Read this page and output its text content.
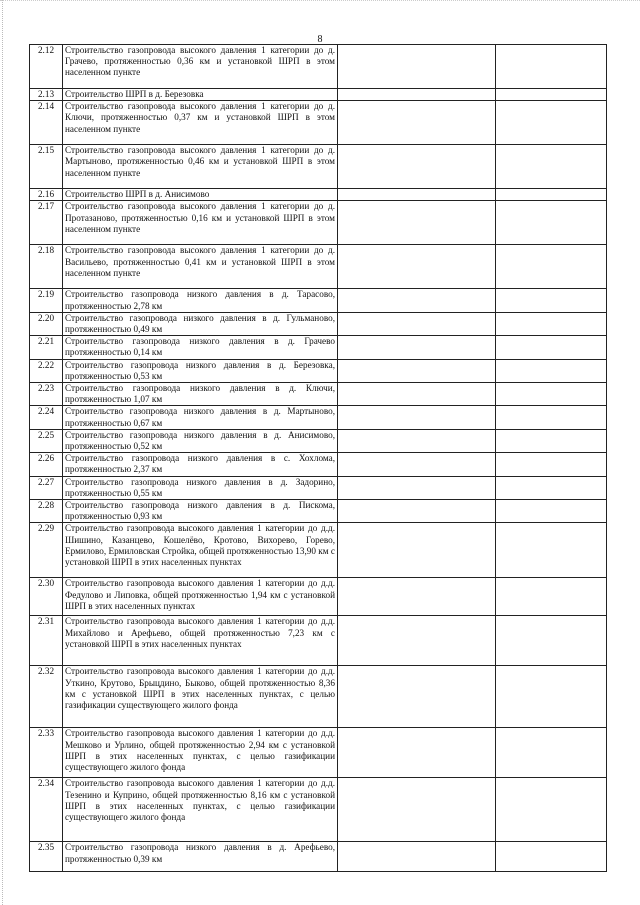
8
2.12	Строительство газопровода высокого давления 1 категории до д. Грачево, протяженностью 0,36 км и установкой ШРП в этом населенном пункте		
2.13	Строительство ШРП в д. Березовка		
2.14	Строительство газопровода высокого давления 1 категории до д. Ключи, протяженностью 0,37 км и установкой ШРП в этом населенном пункте		
2.15	Строительство газопровода высокого давления 1 категории до д. Мартыново, протяженностью 0,46 км и установкой ШРП в этом населенном пункте		
2.16	Строительство ШРП в д. Анисимово		
2.17	Строительство газопровода высокого давления 1 категории до д. Протазаново, протяженностью 0,16 км и установкой ШРП в этом населенном пункте		
2.18	Строительство газопровода высокого давления 1 категории до д. Васильево, протяженностью 0,41 км и установкой ШРП в этом населенном пункте		
2.19	Строительство газопровода низкого давления в д. Тарасово, протяженностью 2,78 км		
2.20	Строительство газопровода низкого давления в д. Гульманово, протяженностью 0,49 км		
2.21	Строительство газопровода низкого давления в д. Грачево протяженностью 0,14 км		
2.22	Строительство газопровода низкого давления в д. Березовка, протяженностью 0,53 км		
2.23	Строительство газопровода низкого давления в д. Ключи, протяженностью 1,07 км		
2.24	Строительство газопровода низкого давления в д. Мартыново, протяженностью 0,67 км		
2.25	Строительство газопровода низкого давления в д. Анисимово, протяженностью 0,52 км		
2.26	Строительство газопровода низкого давления в с. Хохлома, протяженностью 2,37 км		
2.27	Строительство газопровода низкого давления в д. Задорино, протяженностью 0,55 км		
2.28	Строительство газопровода низкого давления в д. Пискома, протяженностью 0,93 км		
2.29	Строительство газопровода высокого давления 1 категории до д.д. Шишино, Казанцево, Кошелёво, Кротово, Вихорево, Горево, Ермилово, Ермиловская Стройка, общей протяженностью 13,90 км с установкой ШРП в этих населенных пунктах		
2.30	Строительство газопровода высокого давления 1 категории до д.д. Федулово и Липовка, общей протяженностью 1,94 км с установкой ШРП в этих населенных пунктах		
2.31	Строительство газопровода высокого давления 1 категории до д.д. Михайлово и Арефьево, общей протяженностью 7,23 км с установкой ШРП в этих населенных пунктах		
2.32	Строительство газопровода высокого давления 1 категории до д.д. Уткино, Крутово, Брыцдино, Быково, общей протяженностью 8,36 км с установкой ШРП в этих населенных пунктах, с целью газификации существующего жилого фонда		
2.33	Строительство газопровода высокого давления 1 категории до д.д. Мешково и Урлино, общей протяженностью 2,94 км с установкой ШРП в этих населенных пунктах, с целью газификации существующего жилого фонда		
2.34	Строительство газопровода высокого давления 1 категории до д.д. Тезенино и Куприно, общей протяженностью 8,16 км с установкой ШРП в этих населенных пунктах, с целью газификации существующего жилого фонда		
2.35	Строительство газопровода низкого давления в д. Арефьево, протяженностью 0,39 км		
